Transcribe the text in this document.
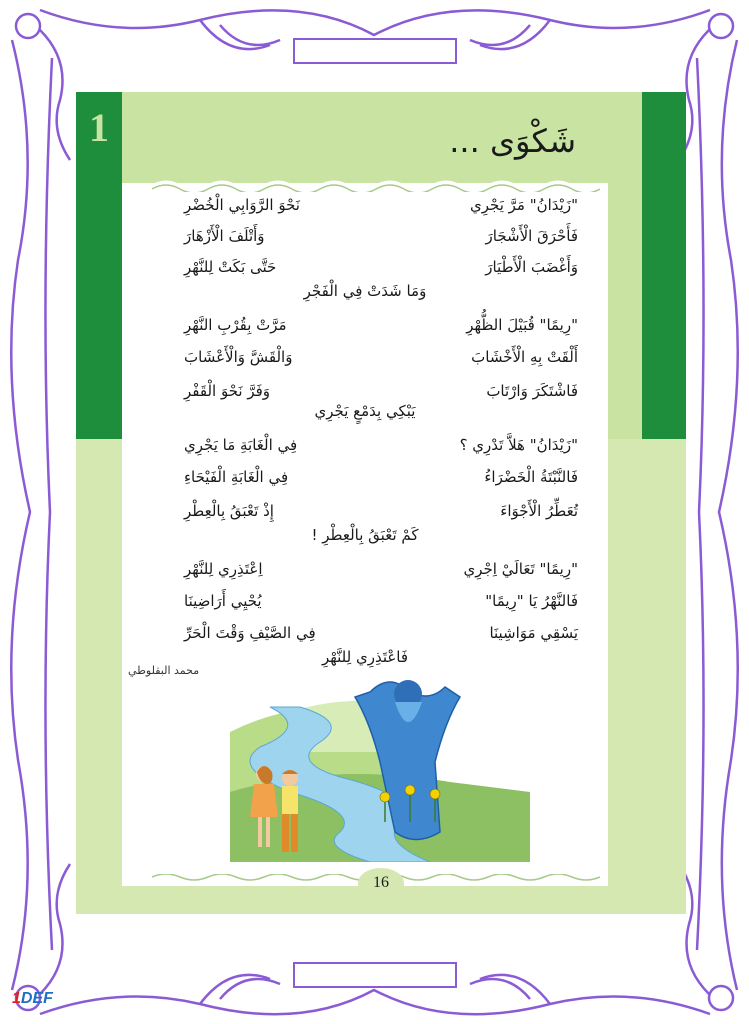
1	شَكْوَى ...
"زَيْدَانُ" مَرَّ يَجْرِي
نَحْوَ الرَّوَابِي الْخُضْرِ
فَأَحْرَقَ الْأَشْجَارَ
وَأَتْلَفَ الْأَزْهَارَ
وَأَغْضَبَ الْأَطْيَارَ
حَتَّى بَكَتْ لِلنَّهْرِ
وَمَا شَدَتْ فِي الْفَجْرِ
"رِيمًا" قُبَيْلَ الظُّهْرِ
مَرَّتْ بِقُرْبِ النَّهْرِ
أَلْقَتْ بِهِ الْأَخْشَابَ
وَالْقَشَّ وَالْأَعْشَابَ
فَاشْتَكَرَ وَارْتَابَ
وَفَرَّ نَحْوَ الْقَفْرِ
يَبْكِي بِدَمْعٍ يَجْرِي
"زَيْدَانُ" هَلاَّ تَدْرِي ؟
فِي الْغَابَةِ مَا يَجْرِي
فَالنَّبْتَةُ الْخَضْرَاءُ
فِي الْغَابَةِ الْفَيْحَاءِ
تُعَطِّرُ الْأَجْوَاءَ
إِذْ تَعْبَقُ بِالْعِطْرِ
كَمْ تَعْبَقُ بِالْعِطْرِ !
"رِيمًا" تَعَالَيْ اِجْرِي
اِعْتَذِرِي لِلنَّهْرِ
فَالنَّهْرُ يَا "رِيمًا"
يُحْيِي أَرَاضِينَا
يَسْقِي مَوَاشِينَا
فِي الصَّيْفِ وَقْتَ الْحَرِّ
فَاعْتَذِرِي لِلنَّهْرِ
محمد البقلوطي
16
1DEF
